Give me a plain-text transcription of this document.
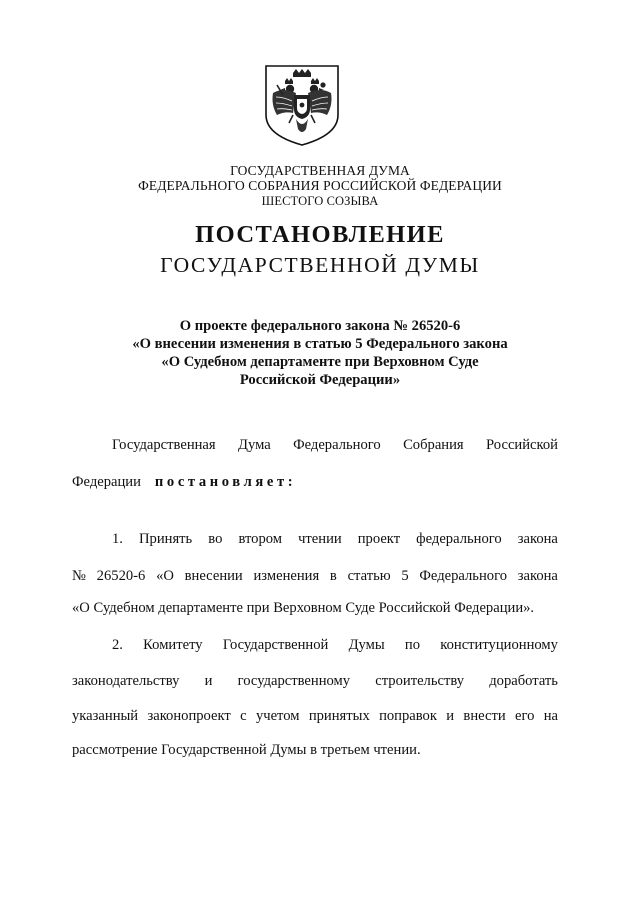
ГОСУДАРСТВЕННАЯ ДУМА
ФЕДЕРАЛЬНОГО СОБРАНИЯ РОССИЙСКОЙ ФЕДЕРАЦИИ
ШЕСТОГО СОЗЫВА
ПОСТАНОВЛЕНИЕ
ГОСУДАРСТВЕННОЙ ДУМЫ
О проекте федерального закона № 26520-6
«О внесении изменения в статью 5 Федерального закона
«О Судебном департаменте при Верховном Суде
Российской Федерации»
Государственная Дума Федерального Собрания Российской
Федерации постановляет:
1. Принять во втором чтении проект федерального закона
№ 26520-6 «О внесении изменения в статью 5 Федерального закона
«О Судебном департаменте при Верховном Суде Российской Федерации».
2. Комитету Государственной Думы по конституционному
законодательству и государственному строительству доработать
указанный законопроект с учетом принятых поправок и внести его на
рассмотрение Государственной Думы в третьем чтении.
